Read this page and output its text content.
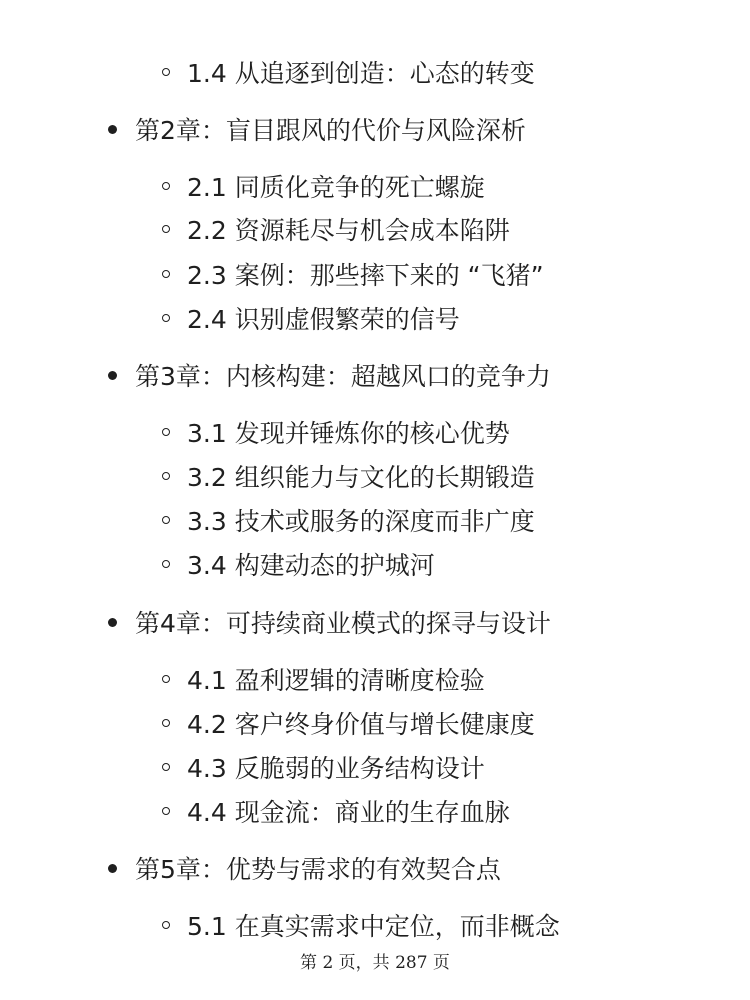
1.4 从追逐到创造：心态的转变
第2章：盲目跟风的代价与风险深析
2.1 同质化竞争的死亡螺旋
2.2 资源耗尽与机会成本陷阱
2.3 案例：那些摔下来的 “飞猪”
2.4 识别虚假繁荣的信号
第3章：内核构建：超越风口的竞争力
3.1 发现并锤炼你的核心优势
3.2 组织能力与文化的长期锻造
3.3 技术或服务的深度而非广度
3.4 构建动态的护城河
第4章：可持续商业模式的探寻与设计
4.1 盈利逻辑的清晰度检验
4.2 客户终身价值与增长健康度
4.3 反脆弱的业务结构设计
4.4 现金流：商业的生存血脉
第5章：优势与需求的有效契合点
5.1 在真实需求中定位，而非概念
第 2 页，共 287 页
